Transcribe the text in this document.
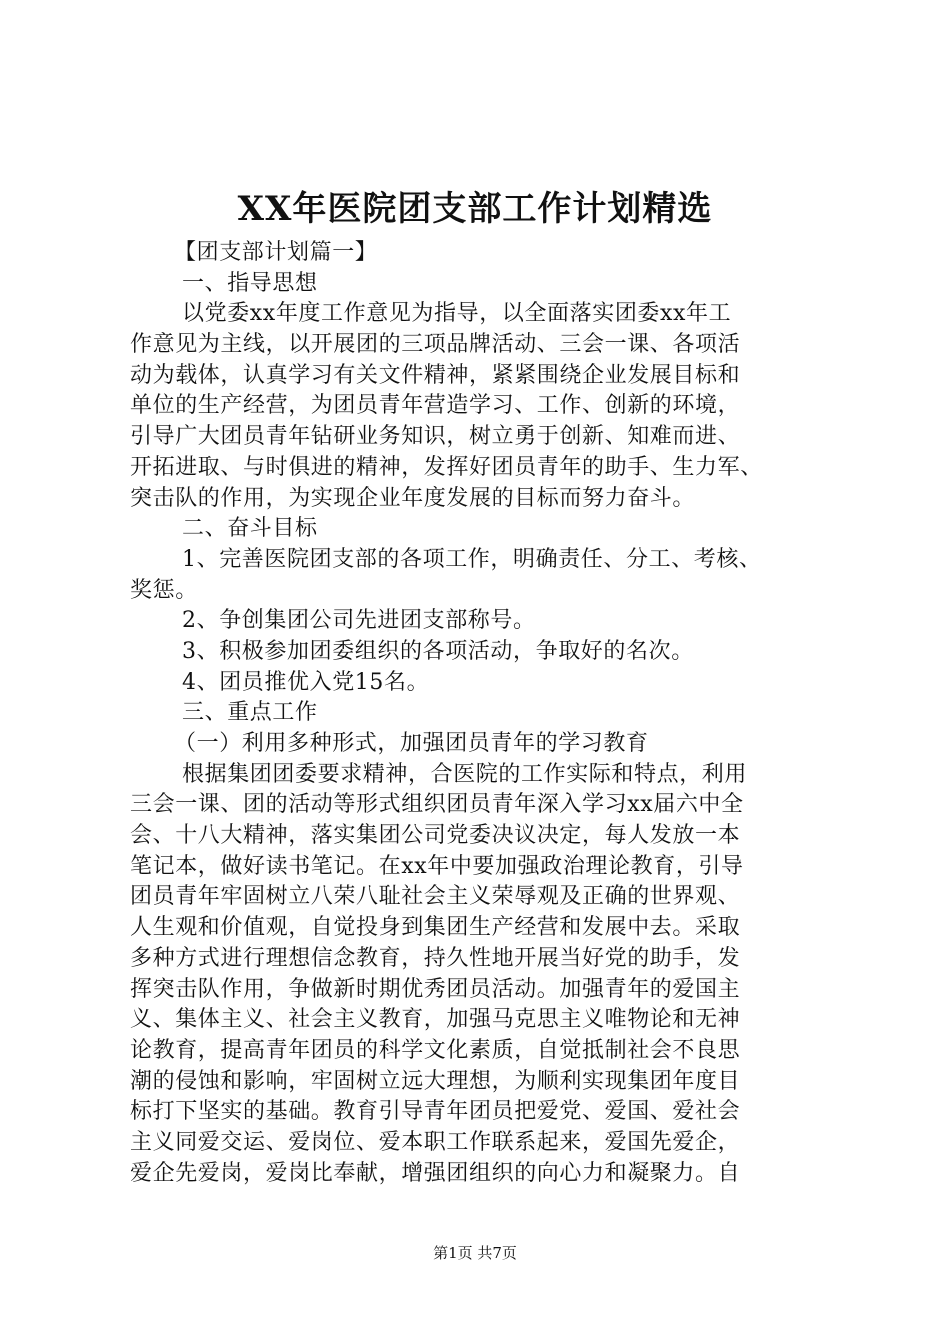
XX年医院团支部工作计划精选
【团支部计划篇一】
一、指导思想
以党委xx年度工作意见为指导，以全面落实团委xx年工
作意见为主线，以开展团的三项品牌活动、三会一课、各项活
动为载体，认真学习有关文件精神，紧紧围绕企业发展目标和
单位的生产经营，为团员青年营造学习、工作、创新的环境，
引导广大团员青年钻研业务知识，树立勇于创新、知难而进、
开拓进取、与时俱进的精神，发挥好团员青年的助手、生力军、
突击队的作用，为实现企业年度发展的目标而努力奋斗。
二、奋斗目标
1、完善医院团支部的各项工作，明确责任、分工、考核、
奖惩。
2、争创集团公司先进团支部称号。
3、积极参加团委组织的各项活动，争取好的名次。
4、团员推优入党15名。
三、重点工作
（一）利用多种形式，加强团员青年的学习教育
根据集团团委要求精神，合医院的工作实际和特点，利用
三会一课、团的活动等形式组织团员青年深入学习xx届六中全
会、十八大精神，落实集团公司党委决议决定，每人发放一本
笔记本，做好读书笔记。在xx年中要加强政治理论教育，引导
团员青年牢固树立八荣八耻社会主义荣辱观及正确的世界观、
人生观和价值观，自觉投身到集团生产经营和发展中去。采取
多种方式进行理想信念教育，持久性地开展当好党的助手，发
挥突击队作用，争做新时期优秀团员活动。加强青年的爱国主
义、集体主义、社会主义教育，加强马克思主义唯物论和无神
论教育，提高青年团员的科学文化素质，自觉抵制社会不良思
潮的侵蚀和影响，牢固树立远大理想，为顺利实现集团年度目
标打下坚实的基础。教育引导青年团员把爱党、爱国、爱社会
主义同爱交运、爱岗位、爱本职工作联系起来，爱国先爱企，
爱企先爱岗，爱岗比奉献，增强团组织的向心力和凝聚力。自
第1页 共7页
